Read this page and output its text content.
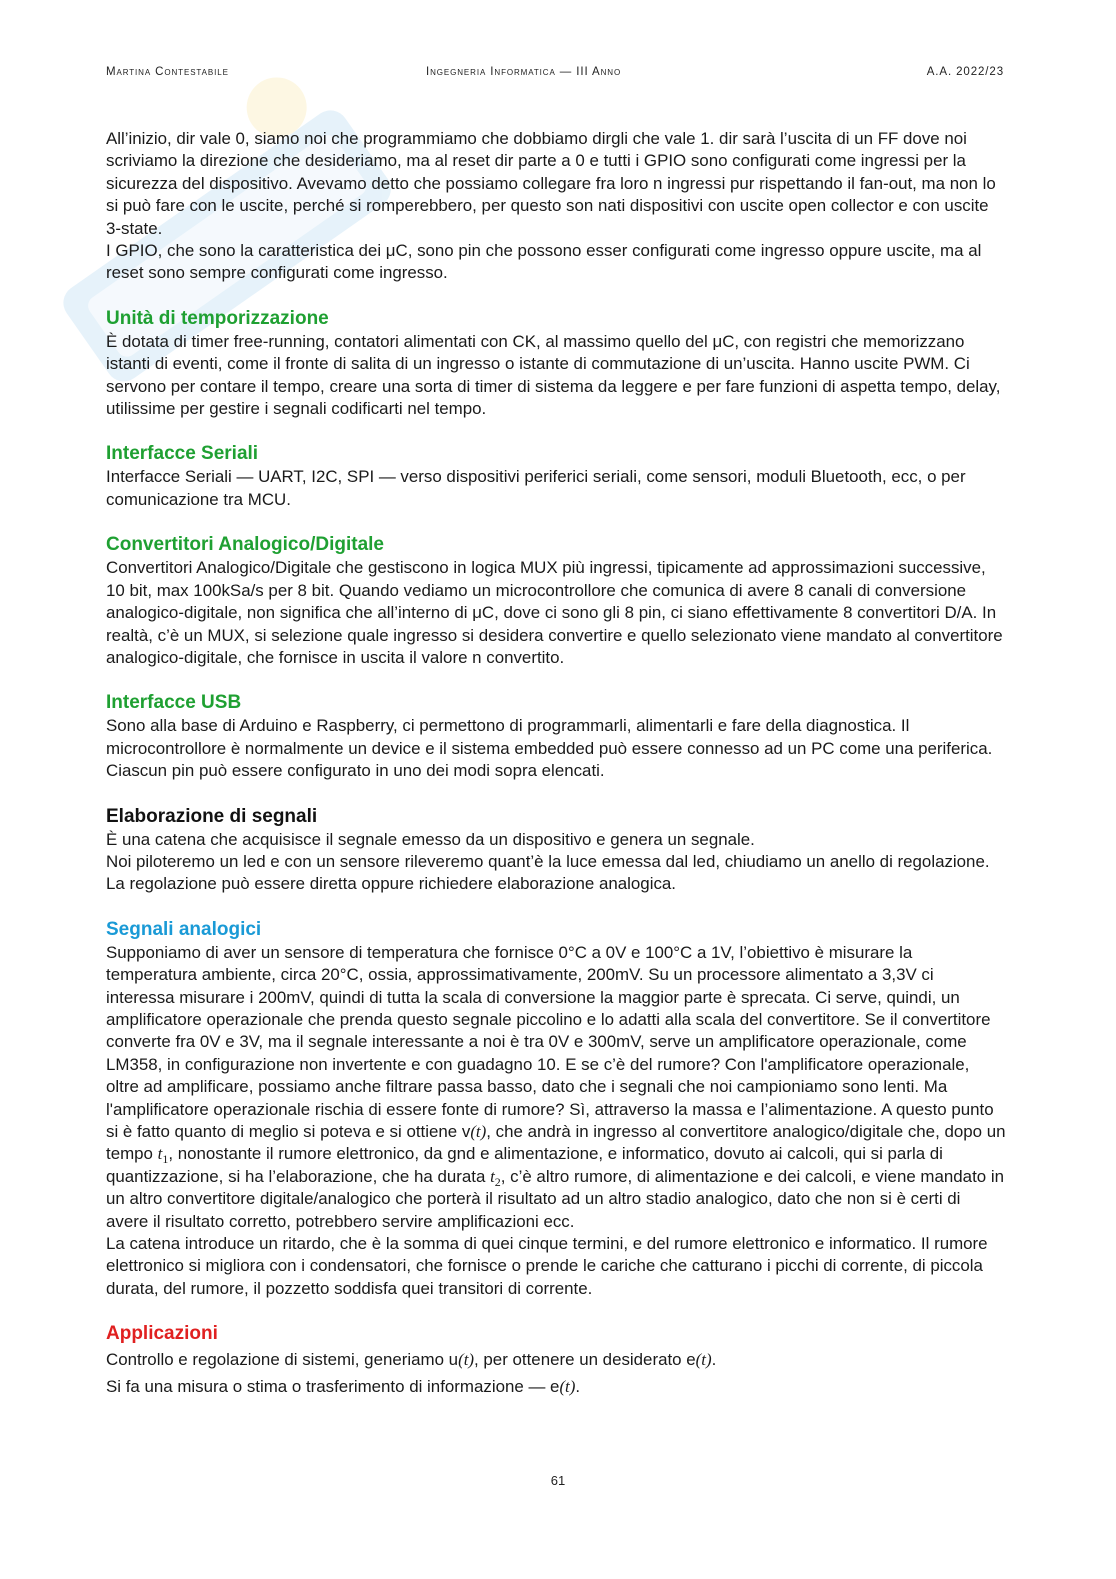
Martina Contestabile	Ingegneria Informatica — III Anno	A.A. 2022/23

All’inizio, dir vale 0, siamo noi che programmiamo che dobbiamo dirgli che vale 1. dir sarà l’uscita di un FF dove noi scriviamo la direzione che desideriamo, ma al reset dir parte a 0 e tutti i GPIO sono configurati come ingressi per la sicurezza del dispositivo. Avevamo detto che possiamo collegare fra loro n ingressi pur rispettando il fan-out, ma non lo si può fare con le uscite, perché si romperebbero, per questo son nati dispositivi con uscite open collector e con uscite 3-state.

I GPIO, che sono la caratteristica dei μC, sono pin che possono esser configurati come ingresso oppure uscite, ma al reset sono sempre configurati come ingresso.

Unità di temporizzazione

È dotata di timer free-running, contatori alimentati con CK, al massimo quello del μC, con registri che memorizzano istanti di eventi, come il fronte di salita di un ingresso o istante di commutazione di un’uscita. Hanno uscite PWM. Ci servono per contare il tempo, creare una sorta di timer di sistema da leggere e per fare funzioni di aspetta tempo, delay, utilissime per gestire i segnali codificarti nel tempo.

Interfacce Seriali

Interfacce Seriali — UART, I2C, SPI — verso dispositivi periferici seriali, come sensori, moduli Bluetooth, ecc, o per comunicazione tra MCU.

Convertitori Analogico/Digitale

Convertitori Analogico/Digitale che gestiscono in logica MUX più ingressi, tipicamente ad approssimazioni successive, 10 bit, max 100kSa/s per 8 bit. Quando vediamo un microcontrollore che comunica di avere 8 canali di conversione analogico-digitale, non significa che all’interno di μC, dove ci sono gli 8 pin, ci siano effettivamente 8 convertitori D/A. In realtà, c’è un MUX, si selezione quale ingresso si desidera convertire e quello selezionato viene mandato al convertitore analogico-digitale, che fornisce in uscita il valore n convertito.

Interfacce USB

Sono alla base di Arduino e Raspberry, ci permettono di programmarli, alimentarli e fare della diagnostica. Il microcontrollore è normalmente un device e il sistema embedded può essere connesso ad un PC come una periferica. Ciascun pin può essere configurato in uno dei modi sopra elencati.

Elaborazione di segnali

È una catena che acquisisce il segnale emesso da un dispositivo e genera un segnale.

Noi piloteremo un led e con un sensore rileveremo quant’è la luce emessa dal led, chiudiamo un anello di regolazione. La regolazione può essere diretta oppure richiedere elaborazione analogica.

Segnali analogici

Supponiamo di aver un sensore di temperatura che fornisce 0°C a 0V e 100°C a 1V, l’obiettivo è misurare la temperatura ambiente, circa 20°C, ossia, approssimativamente, 200mV. Su un processore alimentato a 3,3V ci interessa misurare i 200mV, quindi di tutta la scala di conversione la maggior parte è sprecata. Ci serve, quindi, un amplificatore operazionale che prenda questo segnale piccolino e lo adatti alla scala del convertitore. Se il convertitore converte fra 0V e 3V, ma il segnale interessante a noi è tra 0V e 300mV, serve un amplificatore operazionale, come LM358, in configurazione non invertente e con guadagno 10. E se c’è del rumore? Con l'amplificatore operazionale, oltre ad amplificare, possiamo anche filtrare passa basso, dato che i segnali che noi campioniamo sono lenti. Ma l'amplificatore operazionale rischia di essere fonte di rumore? Sì, attraverso la massa e l’alimentazione. A questo punto si è fatto quanto di meglio si poteva e si ottiene v(t), che andrà in ingresso al convertitore analogico/digitale che, dopo un tempo $t_1$, nonostante il rumore elettronico, da gnd e alimentazione, e informatico, dovuto ai calcoli, qui si parla di quantizzazione, si ha l’elaborazione, che ha durata $t_2$, c’è altro rumore, di alimentazione e dei calcoli, e viene mandato in un altro convertitore digitale/analogico che porterà il risultato ad un altro stadio analogico, dato che non si è certi di avere il risultato corretto, potrebbero servire amplificazioni ecc.

La catena introduce un ritardo, che è la somma di quei cinque termini, e del rumore elettronico e informatico. Il rumore elettronico si migliora con i condensatori, che fornisce o prende le cariche che catturano i picchi di corrente, di piccola durata, del rumore, il pozzetto soddisfa quei transitori di corrente.

Applicazioni

Controllo e regolazione di sistemi, generiamo u(t), per ottenere un desiderato e(t).

Si fa una misura o stima o trasferimento di informazione — e(t).

61
